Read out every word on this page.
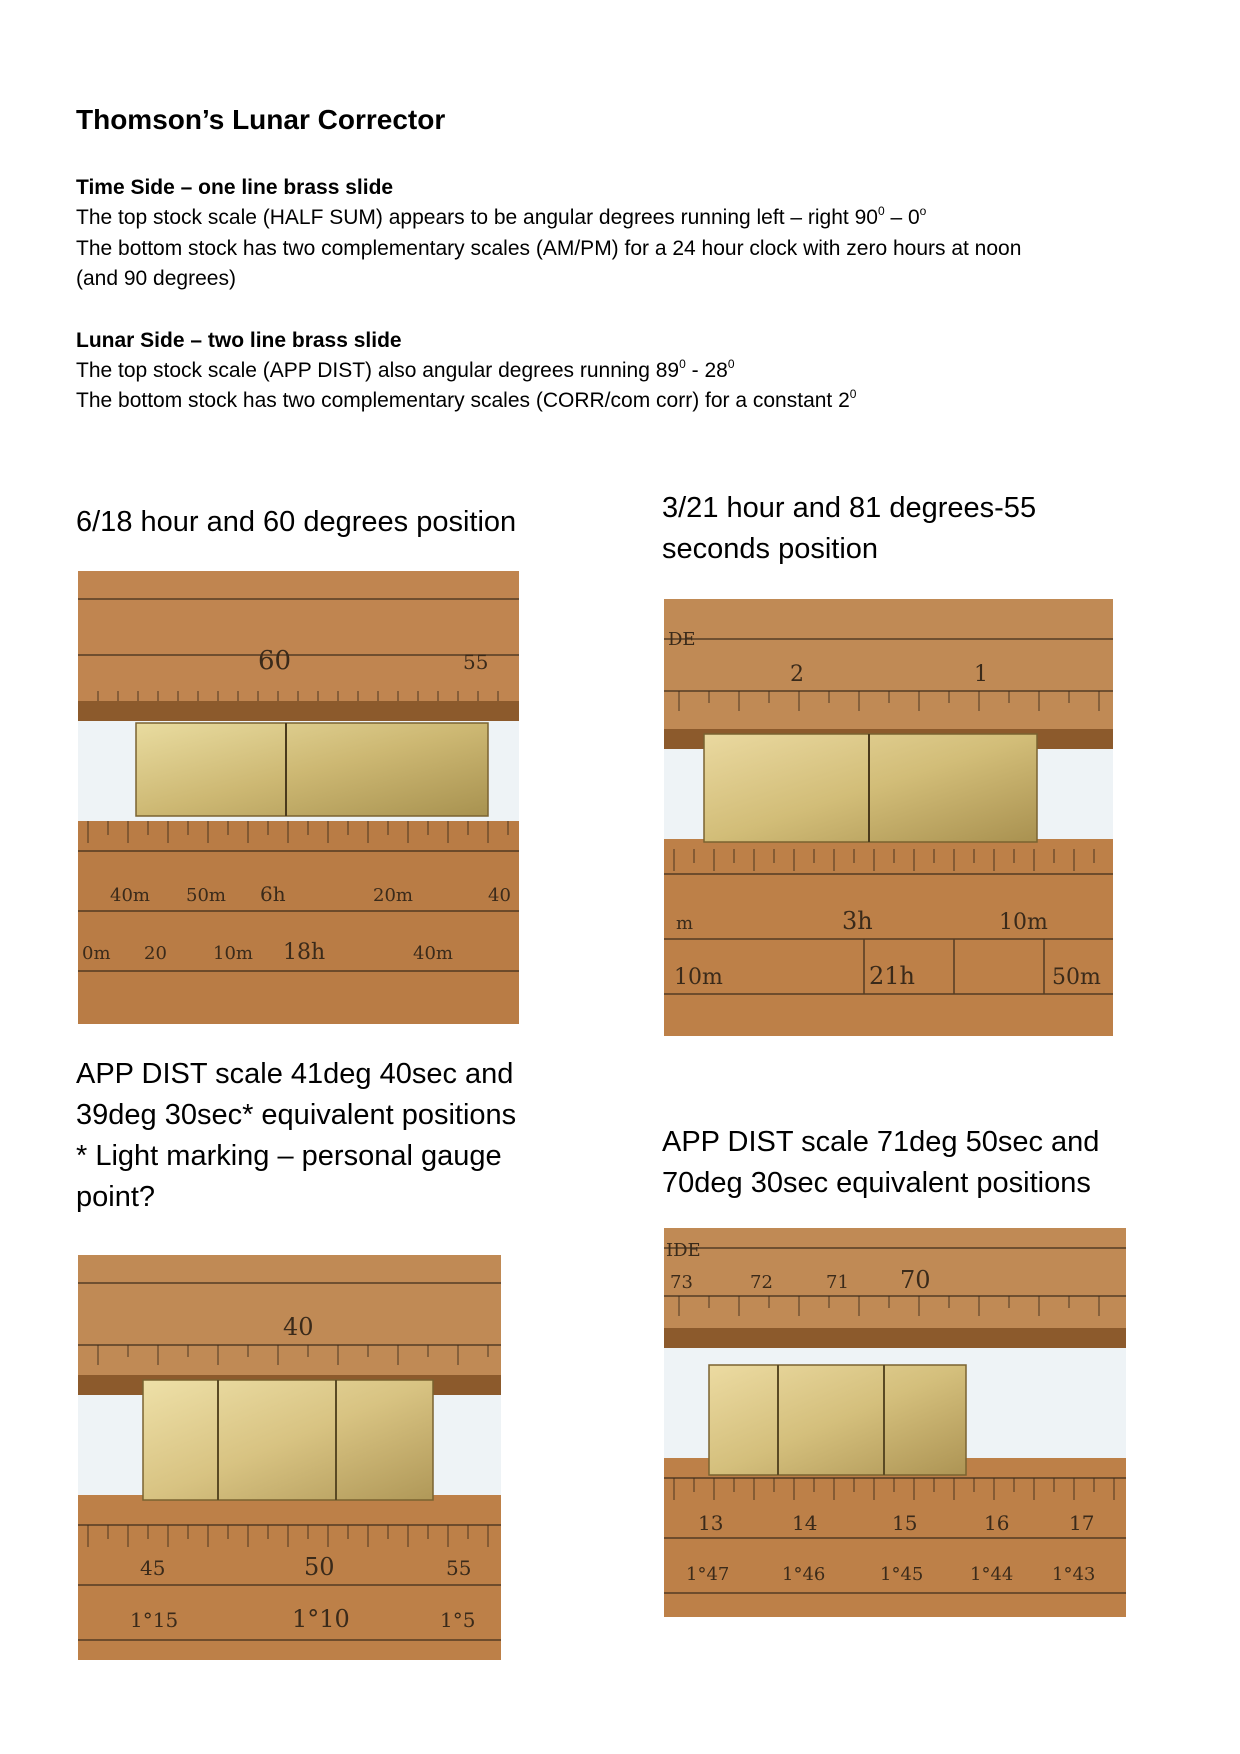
Thomson’s Lunar Corrector
Time Side – one line brass slide
The top stock scale (HALF SUM) appears to be angular degrees running left – right $90^0 - 0^o$
The bottom stock has two complementary scales (AM/PM) for a 24 hour clock with zero hours at noon
(and 90 degrees)
Lunar Side – two line brass slide
The top stock scale (APP DIST) also angular degrees running $89^0 - 28^0$
The bottom stock has two complementary scales (CORR/com corr) for a constant $2^0$
6/18 hour and 60 degrees position	3/21 hour and 81 degrees-55
seconds position
APP DIST scale 41deg 40sec and
39deg 30sec* equivalent positions
* Light marking – personal gauge
point?
APP DIST scale 71deg 50sec and
70deg 30sec equivalent positions
60	55
40m 50m 6h	20m	40
0m 20	10m 18h	40m
DE
2	1
m	3h	10m
10m	21h	50m
40
45	50	55
1°15	1°10	1°5
IDE
73	72	71 70
13	14	15	16	17
1°47	1°46	1°45	1°44 1°43
